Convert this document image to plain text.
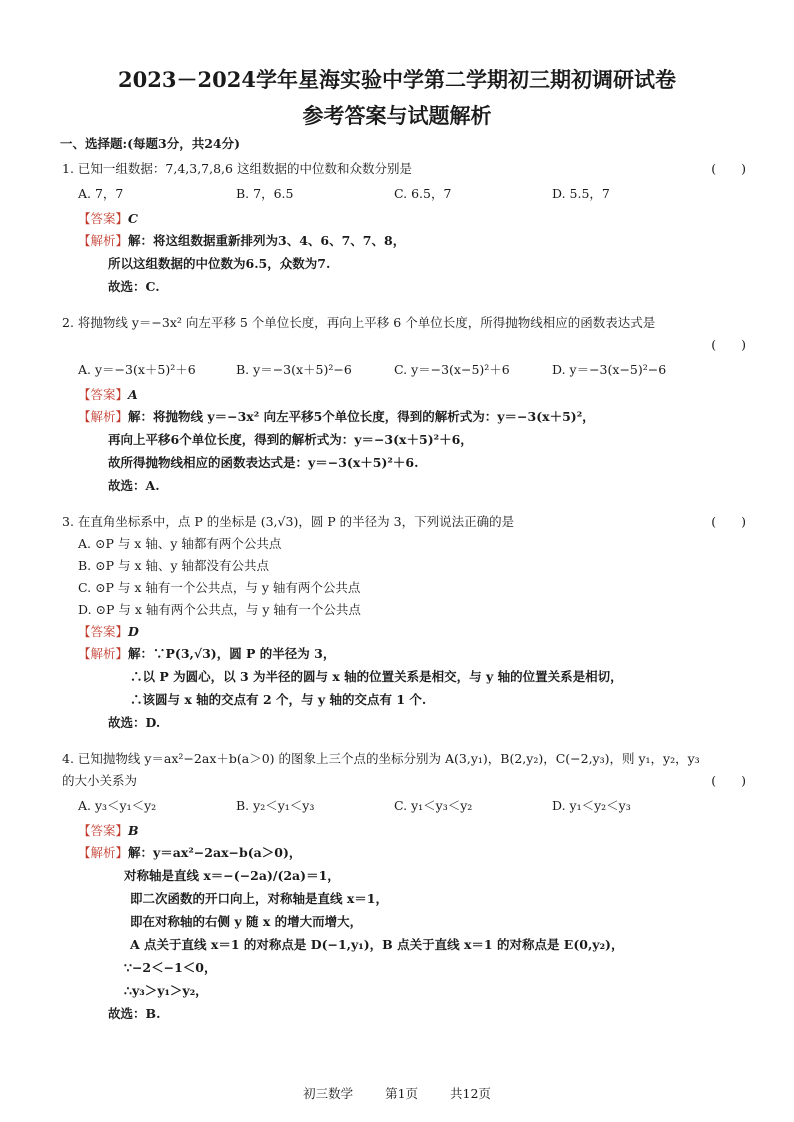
2023－2024学年星海实验中学第二学期初三期初调研试卷
参考答案与试题解析
一、选择题:(每题3分，共24分)
1. 已知一组数据：7,4,3,7,8,6 这组数据的中位数和众数分别是	(　　)
A. 7，7	B. 7，6.5	C. 6.5，7	D. 5.5，7
【答案】C
【解析】解：将这组数据重新排列为3、4、6、7、7、8，
所以这组数据的中位数为6.5，众数为7.
故选：C.
2. 将抛物线 y＝−3x² 向左平移 5 个单位长度，再向上平移 6 个单位长度，所得抛物线相应的函数表达式是
(　　)
A. y＝−3(x＋5)²＋6	B. y＝−3(x＋5)²−6	C. y＝−3(x−5)²＋6	D. y＝−3(x−5)²−6
【答案】A
【解析】解：将抛物线 y＝−3x² 向左平移5个单位长度，得到的解析式为：y＝−3(x＋5)²，
再向上平移6个单位长度，得到的解析式为：y＝−3(x＋5)²＋6，
故所得抛物线相应的函数表达式是：y＝−3(x＋5)²＋6.
故选：A.
3. 在直角坐标系中，点 P 的坐标是 (3,√3)，圆 P 的半径为 3，下列说法正确的是	(　　)
A. ⊙P 与 x 轴、y 轴都有两个公共点
B. ⊙P 与 x 轴、y 轴都没有公共点
C. ⊙P 与 x 轴有一个公共点，与 y 轴有两个公共点
D. ⊙P 与 x 轴有两个公共点，与 y 轴有一个公共点
【答案】D
【解析】解：∵P(3,√3)，圆 P 的半径为 3，
∴以 P 为圆心，以 3 为半径的圆与 x 轴的位置关系是相交，与 y 轴的位置关系是相切，
∴该圆与 x 轴的交点有 2 个，与 y 轴的交点有 1 个.
故选：D.
4. 已知抛物线 y＝ax²−2ax＋b(a＞0) 的图象上三个点的坐标分别为 A(3,y₁)，B(2,y₂)，C(−2,y₃)，则 y₁，y₂，y₃
的大小关系为	(　　)
A. y₃＜y₁＜y₂	B. y₂＜y₁＜y₃	C. y₁＜y₃＜y₂	D. y₁＜y₂＜y₃
【答案】B
【解析】解：y＝ax²−2ax−b(a＞0)，
对称轴是直线 x＝−(−2a)/(2a)＝1，
即二次函数的开口向上，对称轴是直线 x＝1，
即在对称轴的右侧 y 随 x 的增大而增大，
A 点关于直线 x＝1 的对称点是 D(−1,y₁)，B 点关于直线 x＝1 的对称点是 E(0,y₂)，
∵−2＜−1＜0，
∴y₃＞y₁＞y₂，
故选：B.
初三数学	第1页	共12页
